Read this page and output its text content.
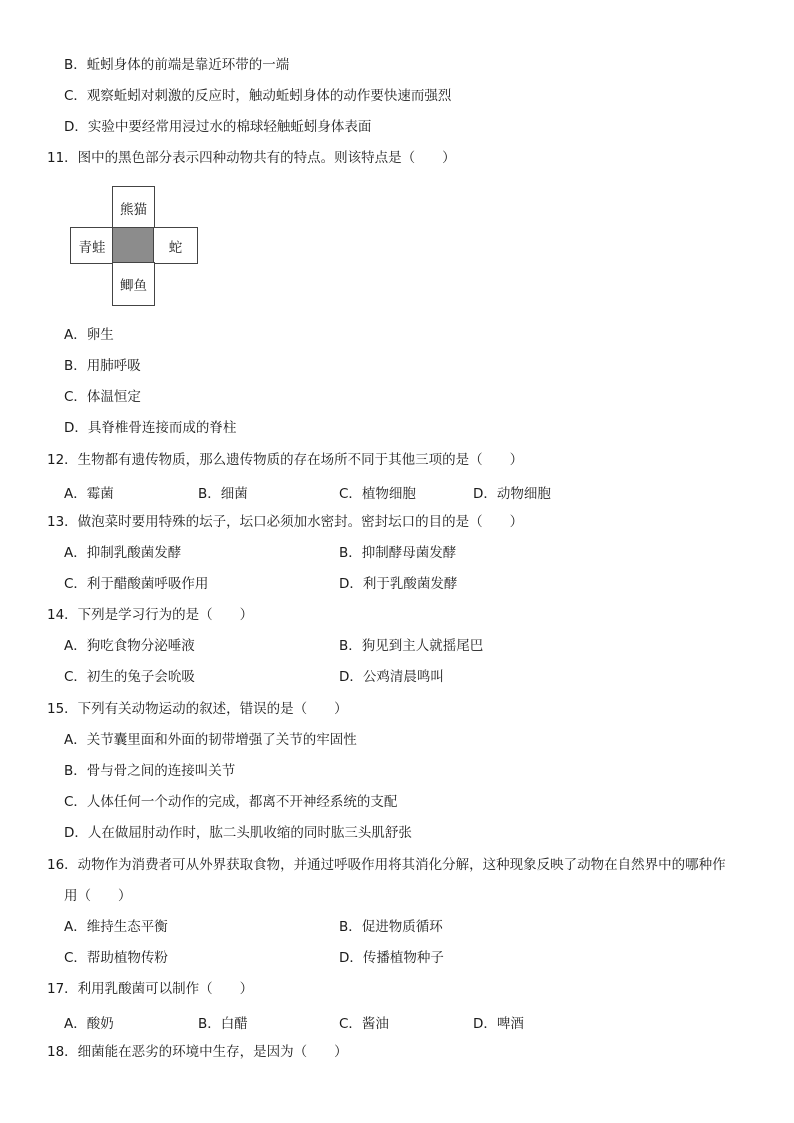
B．蚯蚓身体的前端是靠近环带的一端
C．观察蚯蚓对刺激的反应时，触动蚯蚓身体的动作要快速而强烈
D．实验中要经常用浸过水的棉球轻触蚯蚓身体表面
11．图中的黑色部分表示四种动物共有的特点。则该特点是（　　）
熊猫
青蛙	蛇
鲫鱼
A．卵生
B．用肺呼吸
C．体温恒定
D．具脊椎骨连接而成的脊柱
12．生物都有遗传物质，那么遗传物质的存在场所不同于其他三项的是（　　）
A．霉菌	B．细菌	C．植物细胞	D．动物细胞
13．做泡菜时要用特殊的坛子，坛口必须加水密封。密封坛口的目的是（　　）
A．抑制乳酸菌发酵	B．抑制酵母菌发酵
C．利于醋酸菌呼吸作用	D．利于乳酸菌发酵
14．下列是学习行为的是（　　）
A．狗吃食物分泌唾液	B．狗见到主人就摇尾巴
C．初生的兔子会吮吸	D．公鸡清晨鸣叫
15．下列有关动物运动的叙述，错误的是（　　）
A．关节囊里面和外面的韧带增强了关节的牢固性
B．骨与骨之间的连接叫关节
C．人体任何一个动作的完成，都离不开神经系统的支配
D．人在做屈肘动作时，肱二头肌收缩的同时肱三头肌舒张
16．动物作为消费者可从外界获取食物，并通过呼吸作用将其消化分解，这种现象反映了动物在自然界中的哪种作
用（　　）
A．维持生态平衡	B．促进物质循环
C．帮助植物传粉	D．传播植物种子
17．利用乳酸菌可以制作（　　）
A．酸奶	B．白醋	C．酱油	D．啤酒
18．细菌能在恶劣的环境中生存，是因为（　　）
